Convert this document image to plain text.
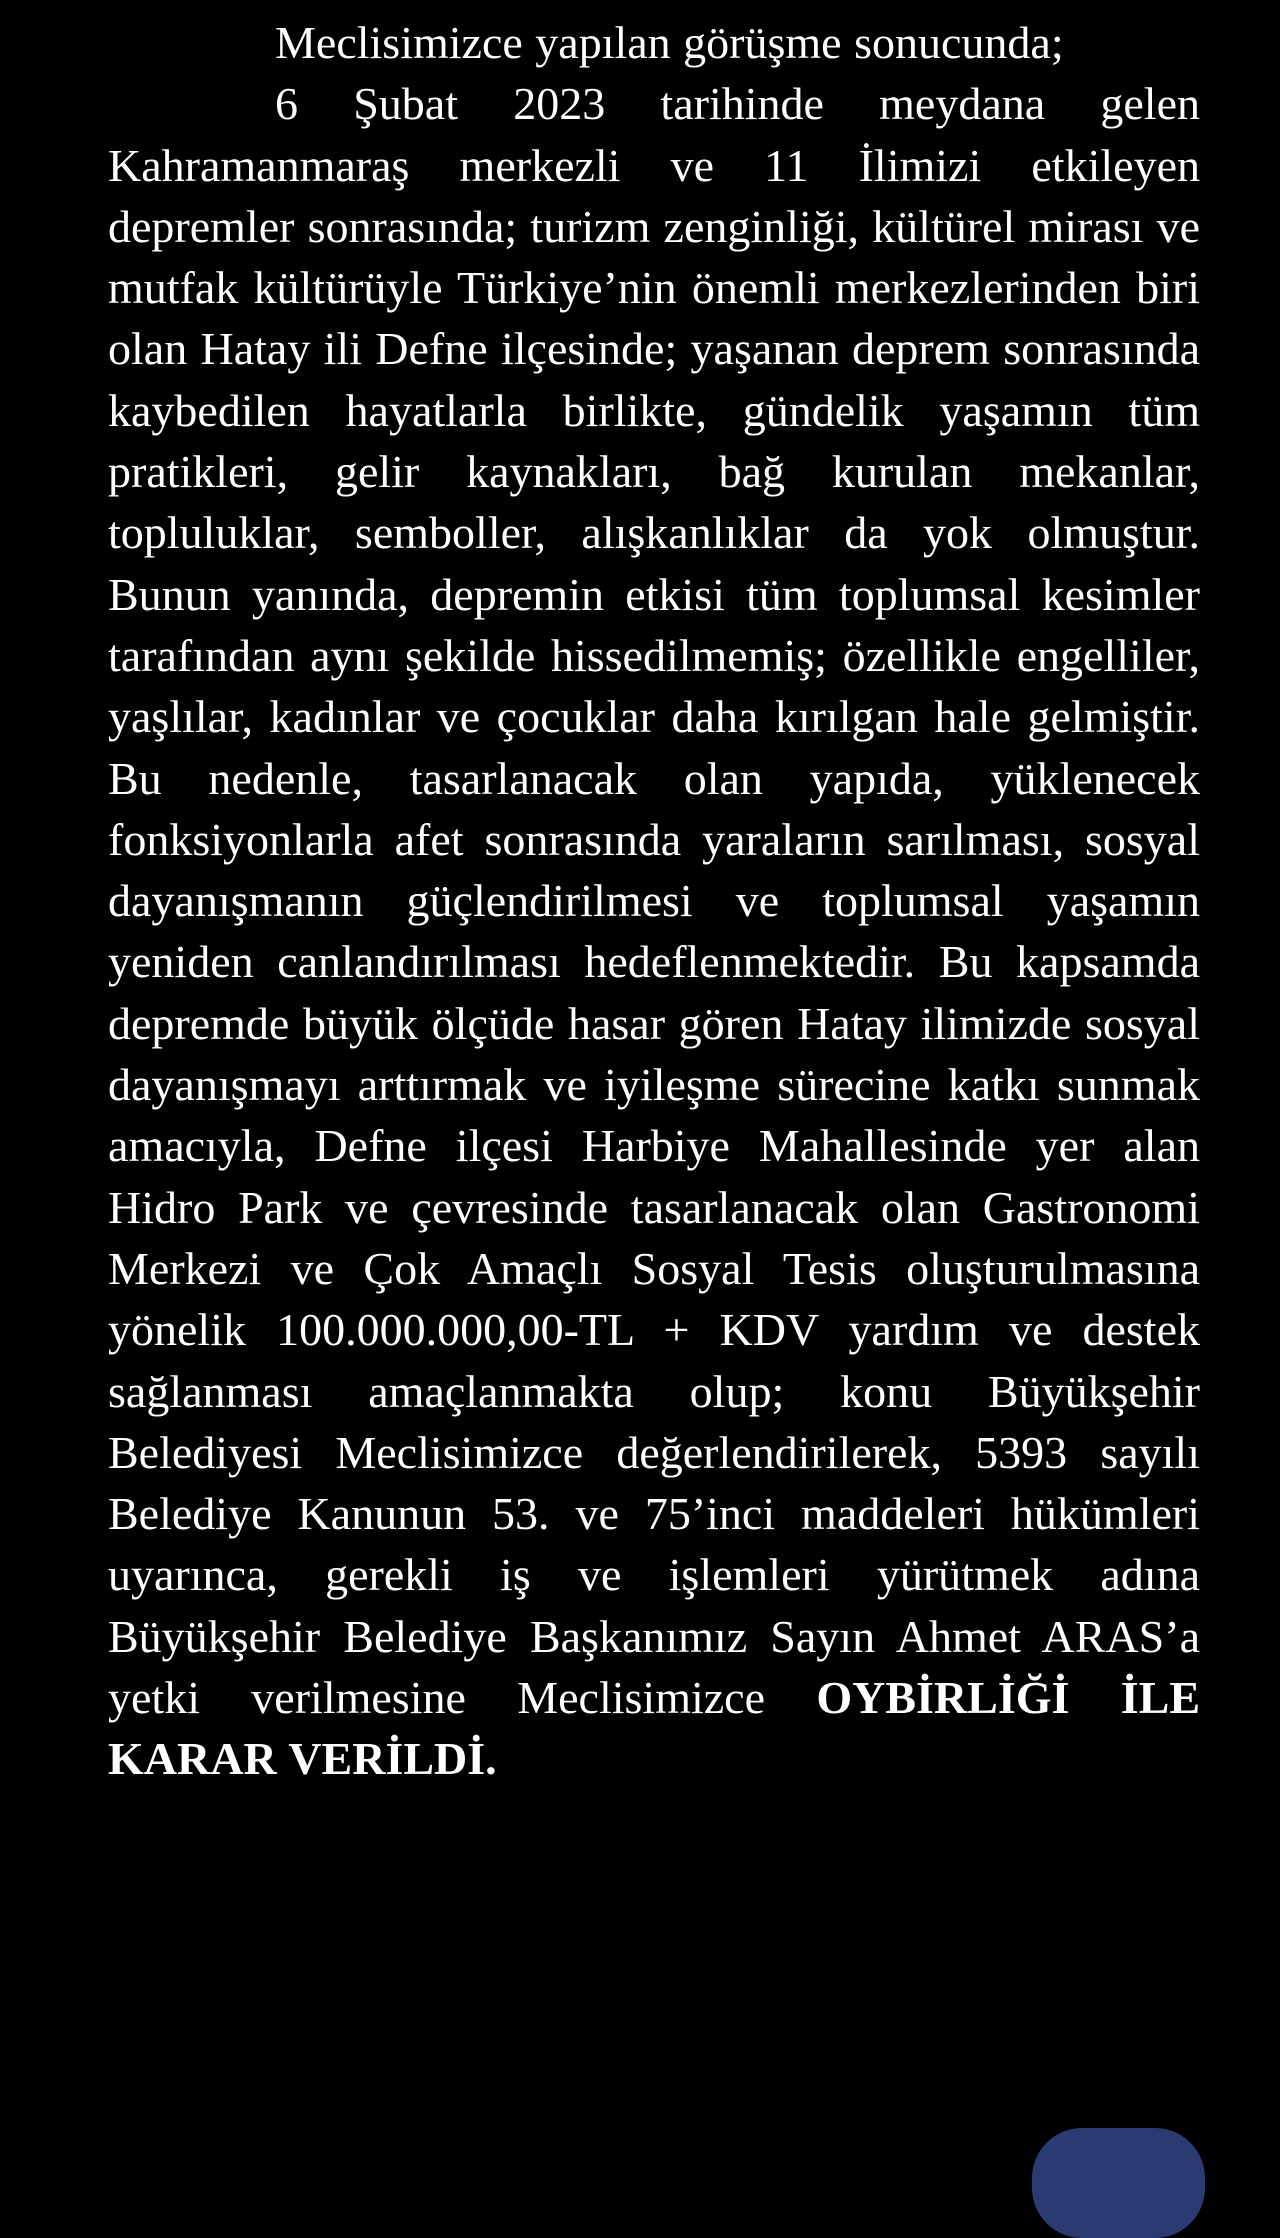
Meclisimizce yapılan görüşme sonucunda;

6 Şubat 2023 tarihinde meydana gelen Kahramanmaraş merkezli ve 11 İlimizi etkileyen depremler sonrasında; turizm zenginliği, kültürel mirası ve mutfak kültürüyle Türkiye’nin önemli merkezlerinden biri olan Hatay ili Defne ilçesinde; yaşanan deprem sonrasında kaybedilen hayatlarla birlikte, gündelik yaşamın tüm pratikleri, gelir kaynakları, bağ kurulan mekanlar, topluluklar, semboller, alışkanlıklar da yok olmuştur. Bunun yanında, depremin etkisi tüm toplumsal kesimler tarafından aynı şekilde hissedilmemiş; özellikle engelliler, yaşlılar, kadınlar ve çocuklar daha kırılgan hale gelmiştir. Bu nedenle, tasarlanacak olan yapıda, yüklenecek fonksiyonlarla afet sonrasında yaraların sarılması, sosyal dayanışmanın güçlendirilmesi ve toplumsal yaşamın yeniden canlandırılması hedeflenmektedir. Bu kapsamda depremde büyük ölçüde hasar gören Hatay ilimizde sosyal dayanışmayı arttırmak ve iyileşme sürecine katkı sunmak amacıyla, Defne ilçesi Harbiye Mahallesinde yer alan Hidro Park ve çevresinde tasarlanacak olan Gastronomi Merkezi ve Çok Amaçlı Sosyal Tesis oluşturulmasına yönelik 100.000.000,00-TL + KDV yardım ve destek sağlanması amaçlanmakta olup; konu Büyükşehir Belediyesi Meclisimizce değerlendirilerek, 5393 sayılı Belediye Kanunun 53. ve 75’inci maddeleri hükümleri uyarınca, gerekli iş ve işlemleri yürütmek adına Büyükşehir Belediye Başkanımız Sayın Ahmet ARAS’a yetki verilmesine Meclisimizce OYBİRLİĞİ İLE KARAR VERİLDİ.
